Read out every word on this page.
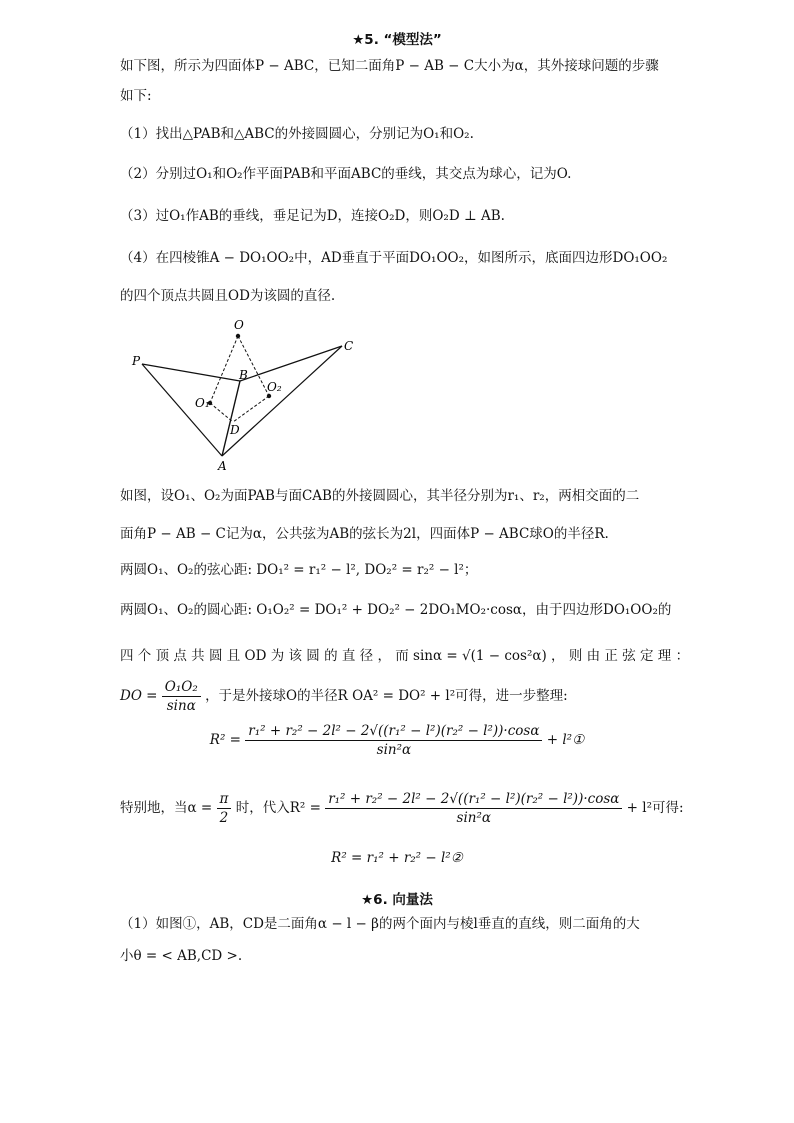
★5. “模型法”
如下图，所示为四面体P − ABC，已知二面角P − AB − C大小为α，其外接球问题的步骤
如下:
（1）找出△PAB和△ABC的外接圆圆心，分别记为O₁和O₂.
（2）分别过O₁和O₂作平面PAB和平面ABC的垂线，其交点为球心，记为O.
（3）过O₁作AB的垂线，垂足记为D，连接O₂D，则O₂D ⊥ AB.
（4）在四棱锥A − DO₁OO₂中，AD垂直于平面DO₁OO₂，如图所示，底面四边形DO₁OO₂
的四个顶点共圆且OD为该圆的直径.
O
P
C
B
O₂
O₁
D
A
如图，设O₁、O₂为面PAB与面CAB的外接圆圆心，其半径分别为r₁、r₂，两相交面的二
面角P − AB − C记为α，公共弦为AB的弦长为2l，四面体P − ABC球O的半径R.
两圆O₁、O₂的弦心距: DO₁² = r₁² − l², DO₂² = r₂² − l²；
两圆O₁、O₂的圆心距: O₁O₂² = DO₁² + DO₂² − 2DO₁MO₂·cosα，由于四边形DO₁OO₂的
四 个 顶 点 共 圆 且 OD 为 该 圆 的 直 径 ， 而 sinα = √(1 − cos²α) ， 则 由 正 弦 定 理 ：
DO = $\frac{\text{O₁O₂}}{\sin\alpha}$ ，于是外接球O的半径R OA² = DO² + l²可得，进一步整理:
$R^2 = \frac{\text{r₁² + r₂² − 2l² − 2√((r₁² − l²)(r₂² − l²))·cosα}}{\text{sin²α}}$ + l²①
特别地，当$\alpha = \frac{\pi}{2}$ 时，代入$R^2 = \frac{\text{r₁² + r₂² − 2l² − 2√((r₁² − l²)(r₂² − l²))·cosα}}{\text{sin²α}} + l^2$可得:
R² = r₁² + r₂² − l²②
★6. 向量法
（1）如图①，AB，CD是二面角α − l − β的两个面内与棱l垂直的直线，则二面角的大
小θ = < AB,CD >.
